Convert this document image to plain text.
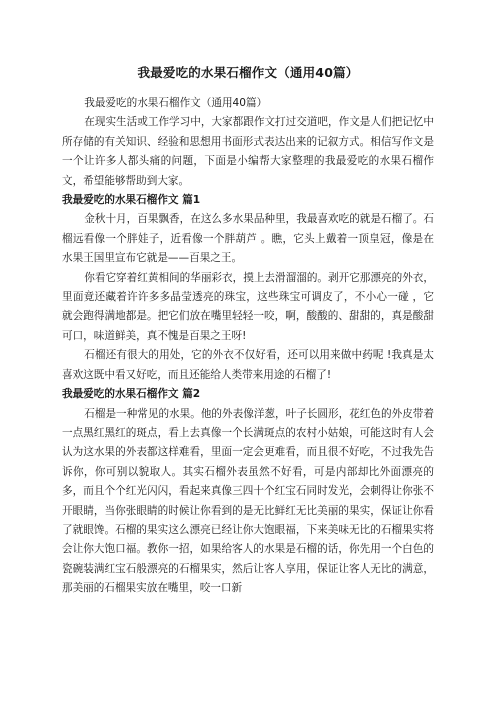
我最爱吃的水果石榴作文（通用40篇）

我最爱吃的水果石榴作文（通用40篇）

在现实生活或工作学习中，大家都跟作文打过交道吧，作文是人们把记忆中所存储的有关知识、经验和思想用书面形式表达出来的记叙方式。相信写作文是一个让许多人都头痛的问题，下面是小编帮大家整理的我最爱吃的水果石榴作文，希望能够帮助到大家。

我最爱吃的水果石榴作文 篇1

金秋十月，百果飘香，在这么多水果品种里，我最喜欢吃的就是石榴了。石榴远看像一个胖娃子，近看像一个胖葫芦 。瞧，它头上戴着一顶皇冠，像是在水果王国里宣布它就是——百果之王。

你看它穿着红黄相间的华丽彩衣，摸上去滑溜溜的。剥开它那漂亮的外衣，里面竟还藏着许许多多晶莹透亮的珠宝，这些珠宝可调皮了，不小心一碰 ，它就会跑得满地都是。把它们放在嘴里轻轻一咬，啊，酸酸的、甜甜的，真是酸甜可口，味道鲜美，真不愧是百果之王呀!

石榴还有很大的用处，它的外衣不仅好看，还可以用来做中药呢 !我真是太喜欢这既中看又好吃，而且还能给人类带来用途的石榴了!

我最爱吃的水果石榴作文 篇2

石榴是一种常见的水果。他的外表像洋葱，叶子长圆形，花红色的外皮带着一点黑红黑红的斑点，看上去真像一个长满斑点的农村小姑娘，可能这时有人会认为这水果的外表都这样难看，里面一定会更难看，而且很不好吃，不过我先告诉你，你可别以貌取人。其实石榴外表虽然不好看，可是内部却比外面漂亮的多，而且个个红光闪闪，看起来真像三四十个红宝石同时发光，会刺得让你张不开眼睛，当你张眼睛的时候让你看到的是无比鲜红无比美丽的果实，保证让你看了就眼馋。石榴的果实这么漂亮已经让你大饱眼福，下来美味无比的石榴果实将会让你大饱口福。教你一招，如果给客人的水果是石榴的话，你先用一个白色的瓷碗装满红宝石般漂亮的石榴果实，然后让客人享用，保证让客人无比的满意，那美丽的石榴果实放在嘴里，咬一口新
